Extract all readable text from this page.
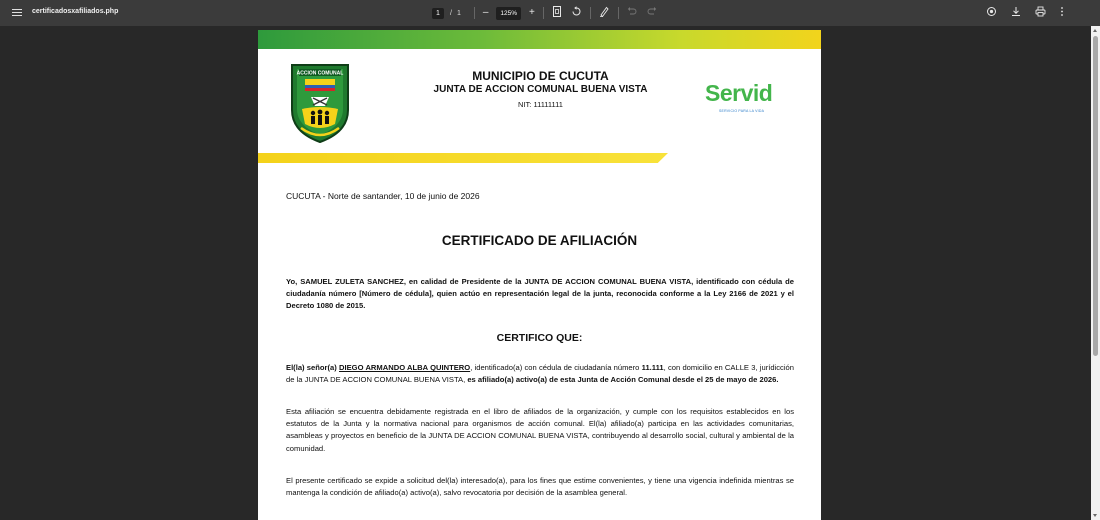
certificadosxafiliados.php	1	/ 1 –	125%	+
ACCION COMUNAL	MUNICIPIO DE CUCUTA
JUNTA DE ACCION COMUNAL BUENA VISTA
NIT: 11111111	Servid
SERVICIO PARA LA VIDA
CUCUTA - Norte de santander, 10 de junio de 2026
CERTIFICADO DE AFILIACIÓN
Yo, SAMUEL ZULETA SANCHEZ, en calidad de Presidente de la JUNTA DE ACCION COMUNAL BUENA VISTA, identificado con cédula de ciudadanía número [Número de cédula], quien actúo en representación legal de la junta, reconocida conforme a la Ley 2166 de 2021 y el Decreto 1080 de 2015.
CERTIFICO QUE:
El(la) señor(a) DIEGO ARMANDO ALBA QUINTERO, identificado(a) con cédula de ciudadanía número 11.111, con domicilio en CALLE 3, jurídicción de la JUNTA DE ACCION COMUNAL BUENA VISTA, es afiliado(a) activo(a) de esta Junta de Acción Comunal desde el 25 de mayo de 2026.
Esta afiliación se encuentra debidamente registrada en el libro de afiliados de la organización, y cumple con los requisitos establecidos en los estatutos de la Junta y la normativa nacional para organismos de acción comunal. El(la) afiliado(a) participa en las actividades comunitarias, asambleas y proyectos en beneficio de la JUNTA DE ACCION COMUNAL BUENA VISTA, contribuyendo al desarrollo social, cultural y ambiental de la comunidad.
El presente certificado se expide a solicitud del(la) interesado(a), para los fines que estime convenientes, y tiene una vigencia indefinida mientras se mantenga la condición de afiliado(a) activo(a), salvo revocatoria por decisión de la asamblea general.
